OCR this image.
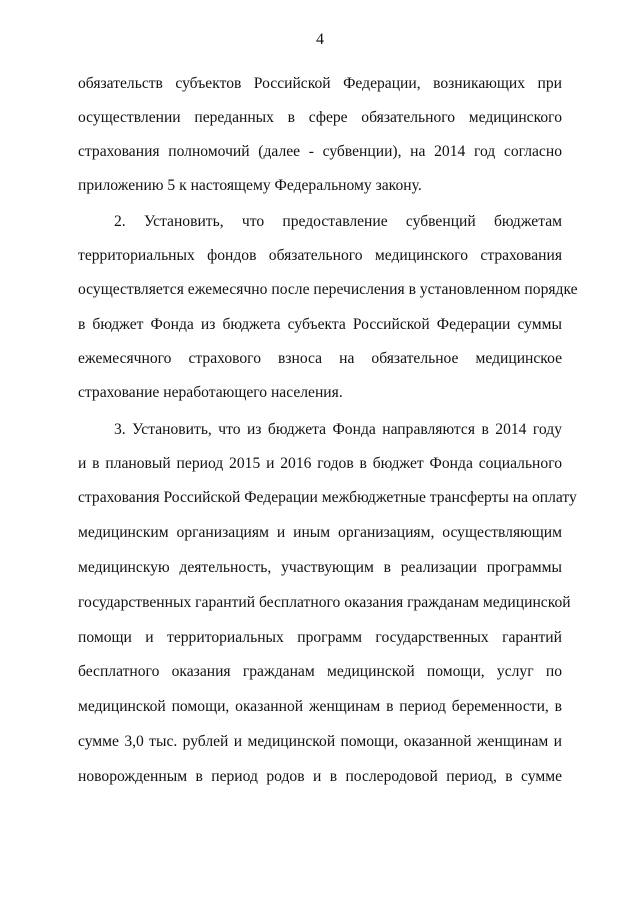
4
обязательств субъектов Российской Федерации, возникающих при
осуществлении переданных в сфере обязательного медицинского
страхования полномочий (далее - субвенции), на 2014 год согласно
приложению 5 к настоящему Федеральному закону.
2. Установить, что предоставление субвенций бюджетам
территориальных фондов обязательного медицинского страхования
осуществляется ежемесячно после перечисления в установленном порядке
в бюджет Фонда из бюджета субъекта Российской Федерации суммы
ежемесячного страхового взноса на обязательное медицинское
страхование неработающего населения.
3. Установить, что из бюджета Фонда направляются в 2014 году
и в плановый период 2015 и 2016 годов в бюджет Фонда социального
страхования Российской Федерации межбюджетные трансферты на оплату
медицинским организациям и иным организациям, осуществляющим
медицинскую деятельность, участвующим в реализации программы
государственных гарантий бесплатного оказания гражданам медицинской
помощи и территориальных программ государственных гарантий
бесплатного оказания гражданам медицинской помощи, услуг по
медицинской помощи, оказанной женщинам в период беременности, в
сумме 3,0 тыс. рублей и медицинской помощи, оказанной женщинам и
новорожденным в период родов и в послеродовой период, в сумме
